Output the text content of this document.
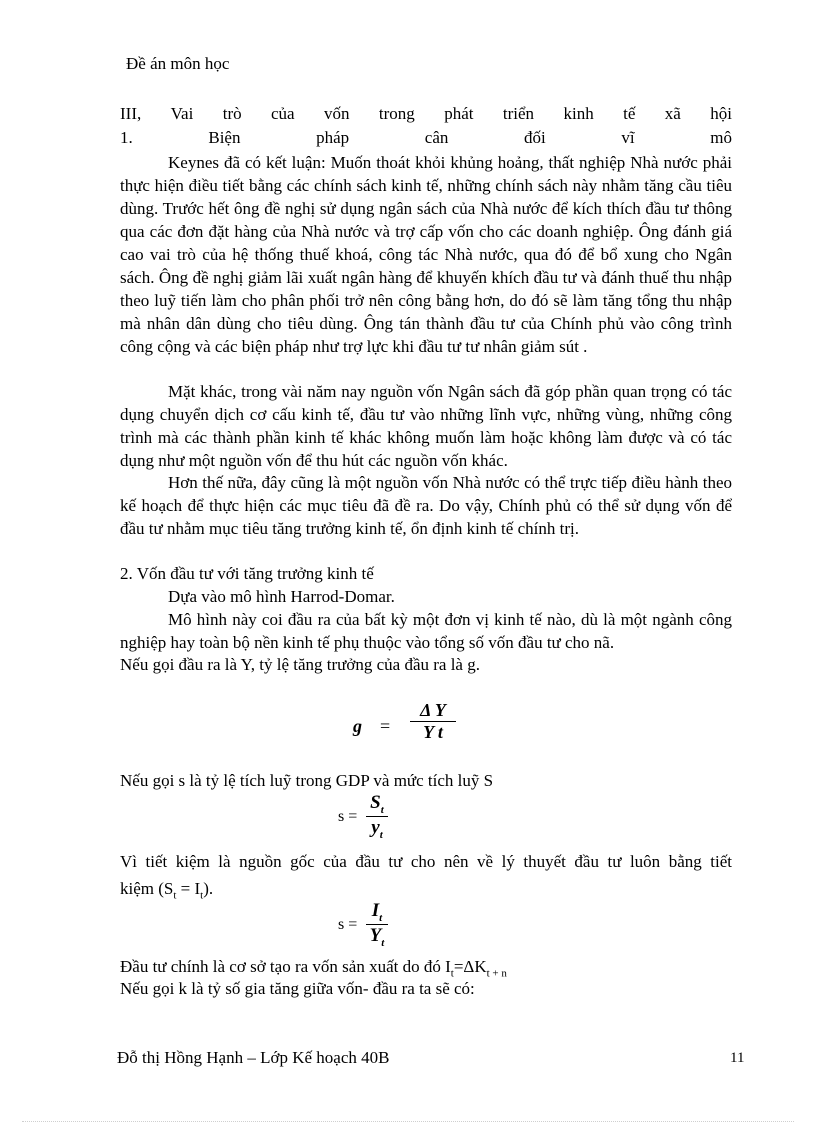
Đề án môn học
III, Vai trò của vốn trong phát triển kinh tế xã hội
1.	Biện	pháp	cân	đối	vĩ	mô
Keynes đã có kết luận: Muốn thoát khỏi khủng hoảng, thất nghiệp Nhà nước phải thực hiện điều tiết bằng các chính sách kinh tế, những chính sách này nhằm tăng cầu tiêu dùng. Trước hết ông đề nghị sử dụng ngân sách của Nhà nước để kích thích đầu tư thông qua các đơn đặt hàng của Nhà nước và trợ cấp vốn cho các doanh nghiệp. Ông đánh giá cao vai trò của hệ thống thuế khoá, công tác Nhà nước, qua đó để bổ xung cho Ngân sách. Ông đề nghị giảm lãi xuất ngân hàng để khuyến khích đầu tư và đánh thuế thu nhập theo luỹ tiến làm cho phân phối trở nên công bằng hơn, do đó sẽ làm tăng tổng thu nhập mà nhân dân dùng cho tiêu dùng. Ông tán thành đầu tư của Chính phủ vào công trình công cộng và các biện pháp như trợ lực khi đầu tư tư nhân giảm sút .
Mặt khác, trong vài năm nay nguồn vốn Ngân sách đã góp phần quan trọng có tác dụng chuyển dịch cơ cấu kinh tế, đầu tư vào những lĩnh vực, những vùng, những công trình mà các thành phần kinh tế khác không muốn làm hoặc không làm được và có tác dụng như một nguồn vốn để thu hút các nguồn vốn khác.
Hơn thế nữa, đây cũng là một nguồn vốn Nhà nước có thể trực tiếp điều hành theo kế hoạch để thực hiện các mục tiêu đã đề ra. Do vậy, Chính phủ có thể sử dụng vốn để đầu tư nhằm mục tiêu tăng trưởng kinh tế, ổn định kinh tế chính trị.
2. Vốn đầu tư với tăng trưởng kinh tế
Dựa vào mô hình Harrod-Domar.
Mô hình này coi đầu ra của bất kỳ một đơn vị kinh tế nào, dù là một ngành công nghiệp hay toàn bộ nền kinh tế phụ thuộc vào tổng số vốn đầu tư cho nã.
Nếu gọi đầu ra là Y, tỷ lệ tăng trưởng của đầu ra là g.
g =
Δ Y
Y t
Nếu gọi s là tỷ lệ tích luỹ trong GDP và mức tích luỹ S
s =
$S_t$
$y_t$
Vì tiết kiệm là nguồn gốc của đầu tư cho nên về lý thuyết đầu tư luôn bằng tiết
kiệm $(S_t = I_t)$.
s =
$I_t$
$Y_t$
Đầu tư chính là cơ sở tạo ra vốn sản xuất do đó $I_t=\Delta K_{t + n}$
Nếu gọi k là tỷ số gia tăng giữa vốn- đầu ra ta sẽ có:
Đỗ thị Hồng Hạnh – Lớp Kế hoạch 40B	11
